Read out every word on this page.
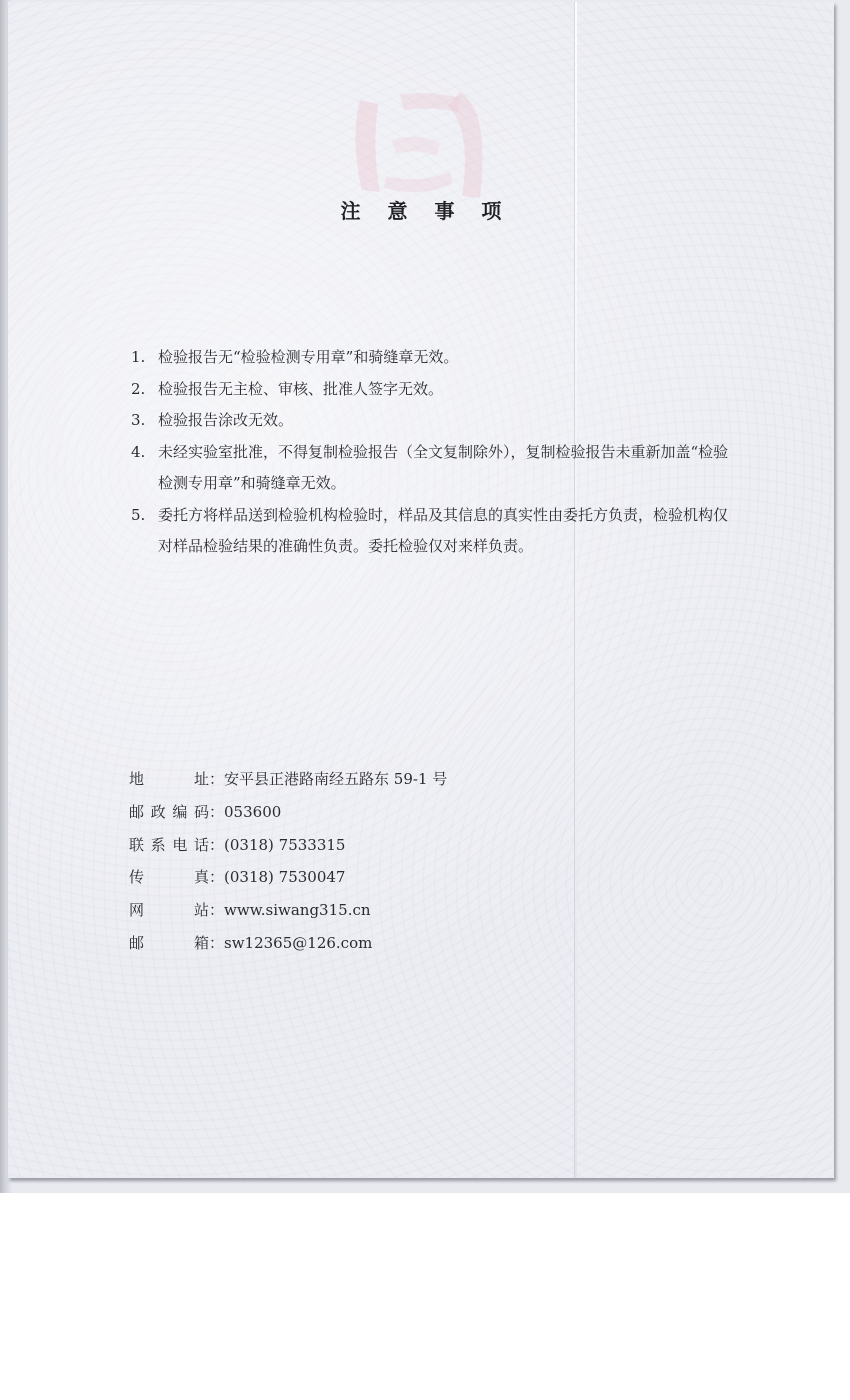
注 意 事 项
1. 检验报告无“检验检测专用章”和骑缝章无效。
2. 检验报告无主检、审核、批准人签字无效。
3. 检验报告涂改无效。
4. 未经实验室批准，不得复制检验报告（全文复制除外），复制检验报告未重新加盖“检验检测专用章”和骑缝章无效。
5. 委托方将样品送到检验机构检验时，样品及其信息的真实性由委托方负责，检验机构仅对样品检验结果的准确性负责。委托检验仅对来样负责。
地　　址：安平县正港路南经五路东 59-1 号
邮政编码：053600
联系电话：(0318) 7533315
传　　真：(0318) 7530047
网　　站：www.siwang315.cn
邮　　箱：sw12365@126.com
